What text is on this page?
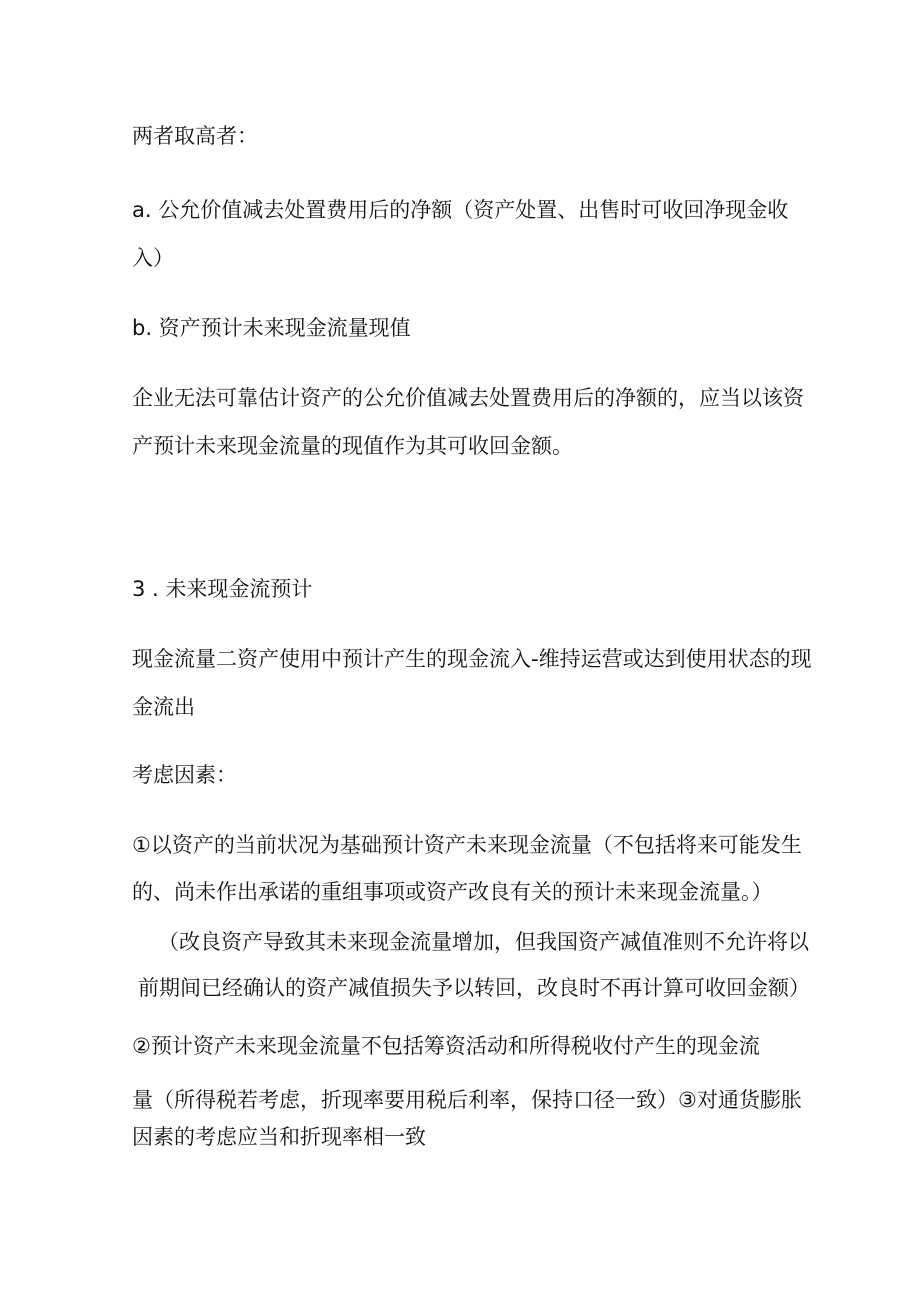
两者取高者：
a. 公允价值减去处置费用后的净额（资产处置、出售时可收回净现金收
入）
b. 资产预计未来现金流量现值
企业无法可靠估计资产的公允价值减去处置费用后的净额的，应当以该资
产预计未来现金流量的现值作为其可收回金额。
3 . 未来现金流预计
现金流量二资产使用中预计产生的现金流入-维持运营或达到使用状态的现
金流出
考虑因素：
①以资产的当前状况为基础预计资产未来现金流量（不包括将来可能发生
的、尚未作出承诺的重组事项或资产改良有关的预计未来现金流量。）
（改良资产导致其未来现金流量增加，但我国资产减值准则不允许将以
前期间已经确认的资产减值损失予以转回，改良时不再计算可收回金额）
②预计资产未来现金流量不包括筹资活动和所得税收付产生的现金流
量（所得税若考虑，折现率要用税后利率，保持口径一致）③对通货膨胀
因素的考虑应当和折现率相一致
